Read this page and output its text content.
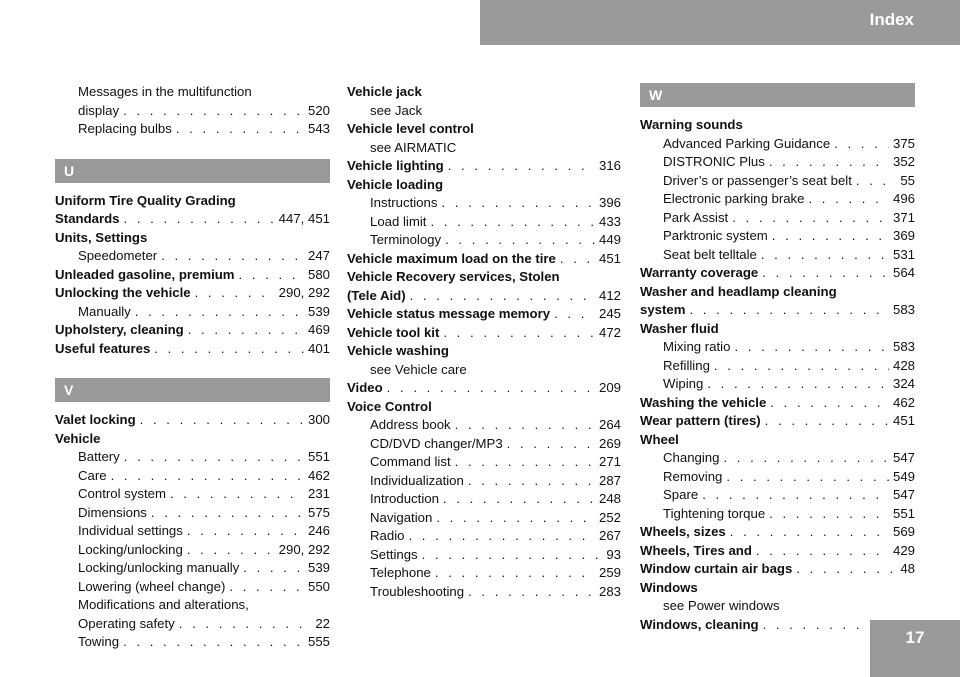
Index
Messages in the multifunction
display . . .	520
Replacing bulbs . . .	543
U
Uniform Tire Quality Grading
Standards . . .	447, 451
Units, Settings
Speedometer . . .	247
Unleaded gasoline, premium . . .	580
Unlocking the vehicle . . .	290, 292
Manually . . .	539
Upholstery, cleaning . . .	469
Useful features . . .	401
V
Valet locking . . .	300
Vehicle
Battery . . .	551
Care . . .	462
Control system . . .	231
Dimensions . . .	575
Individual settings . . .	246
Locking/unlocking . . .	290, 292
Locking/unlocking manually . . .	539
Lowering (wheel change) . . .	550
Modifications and alterations,
Operating safety . . .	22
Towing . . .	555
Vehicle jack
see Jack
Vehicle level control
see AIRMATIC
Vehicle lighting . . .	316
Vehicle loading
Instructions . . .	396
Load limit . . .	433
Terminology . . .	449
Vehicle maximum load on the tire . . .	451
Vehicle Recovery services, Stolen
(Tele Aid) . . .	412
Vehicle status message memory . . .	245
Vehicle tool kit . . .	472
Vehicle washing
see Vehicle care
Video . . .	209
Voice Control
Address book . . .	264
CD/DVD changer/MP3 . . .	269
Command list . . .	271
Individualization . . .	287
Introduction . . .	248
Navigation . . .	252
Radio . . .	267
Settings . . .	93
Telephone . . .	259
Troubleshooting . . .	283
W
Warning sounds
Advanced Parking Guidance . . .	375
DISTRONIC Plus . . .	352
Driver’s or passenger’s seat belt . . .	55
Electronic parking brake . . .	496
Park Assist . . .	371
Parktronic system . . .	369
Seat belt telltale . . .	531
Warranty coverage . . .	564
Washer and headlamp cleaning
system . . .	583
Washer fluid
Mixing ratio . . .	583
Refilling . . .	428
Wiping . . .	324
Washing the vehicle . . .	462
Wear pattern (tires) . . .	451
Wheel
Changing . . .	547
Removing . . .	549
Spare . . .	547
Tightening torque . . .	551
Wheels, sizes . . .	569
Wheels, Tires and . . .	429
Window curtain air bags . . .	48
Windows
see Power windows
Windows, cleaning
. . .
17
